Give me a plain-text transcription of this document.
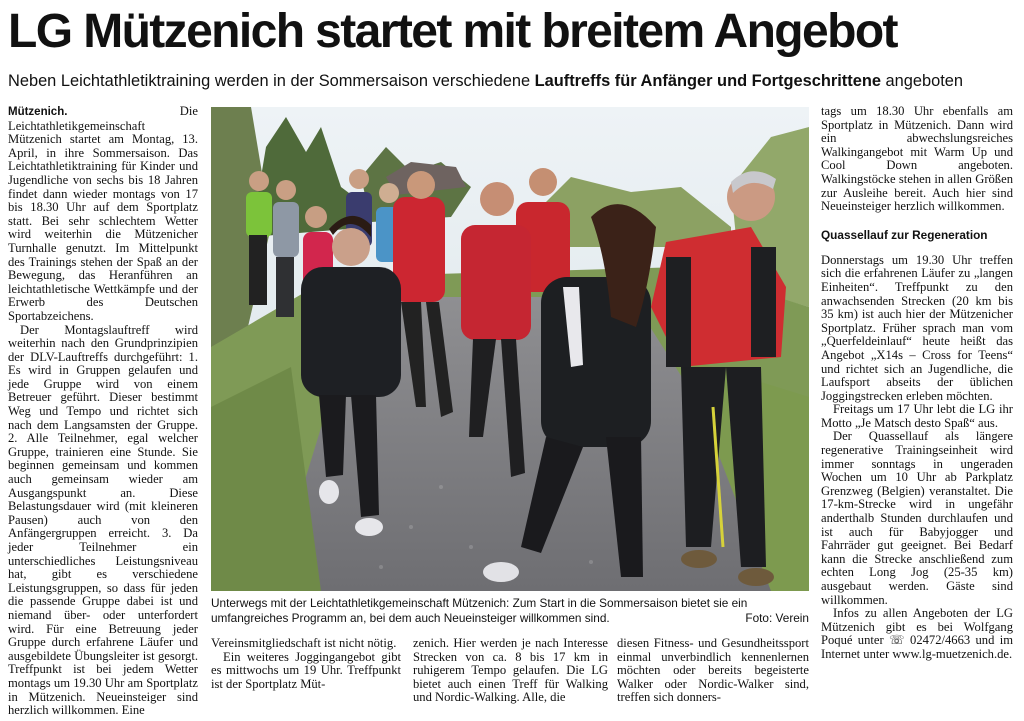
LG Mützenich startet mit breitem Angebot

Neben Leichtathletiktraining werden in der Sommersaison verschiedene Lauftreffs für Anfänger und Fortgeschrittene angeboten

Mützenich. Die Leichtathletikgemeinschaft Mützenich startet am Montag, 13. April, in ihre Sommersaison. Das Leichtathletiktraining für Kinder und Jugendliche von sechs bis 18 Jahren findet dann wieder montags von 17 bis 18.30 Uhr auf dem Sportplatz statt. Bei sehr schlechtem Wetter wird weiterhin die Mützenicher Turnhalle genutzt. Im Mittelpunkt des Trainings stehen der Spaß an der Bewegung, das Heranführen an leichtathletische Wettkämpfe und der Erwerb des Deutschen Sportabzeichens.

Der Montagslauftreff wird weiterhin nach den Grundprinzipien der DLV-Lauftreffs durchgeführt: 1. Es wird in Gruppen gelaufen und jede Gruppe wird von einem Betreuer geführt. Dieser bestimmt Weg und Tempo und richtet sich nach dem Langsamsten der Gruppe. 2. Alle Teilnehmer, egal welcher Gruppe, trainieren eine Stunde. Sie beginnen gemeinsam und kommen auch gemeinsam wieder am Ausgangspunkt an. Diese Belastungsdauer wird (mit kleineren Pausen) auch von den Anfängergruppen erreicht. 3. Da jeder Teilnehmer ein unterschiedliches Leistungsniveau hat, gibt es verschiedene Leistungsgruppen, so dass für jeden die passende Gruppe dabei ist und niemand über- oder unterfordert wird. Für eine Betreuung jeder Gruppe durch erfahrene Läufer und ausgebildete Übungsleiter ist gesorgt. Treffpunkt ist bei jedem Wetter montags um 19.30 Uhr am Sportplatz in Mützenich. Neueinsteiger sind herzlich willkommen. Eine

Unterwegs mit der Leichtathletikgemeinschaft Mützenich: Zum Start in die Sommersaison bietet sie ein umfangreiches Programm an, bei dem auch Neueinsteiger willkommen sind.	Foto: Verein

Vereinsmitgliedschaft ist nicht nötig.

Ein weiteres Joggingangebot gibt es mittwochs um 19 Uhr. Treffpunkt ist der Sportplatz Müt-

zenich. Hier werden je nach Interesse Strecken von ca. 8 bis 17 km in ruhigerem Tempo gelaufen. Die LG bietet auch einen Treff für Walking und Nordic-Walking. Alle, die

diesen Fitness- und Gesundheitssport einmal unverbindlich kennenlernen möchten oder bereits begeisterte Walker oder Nordic-Walker sind, treffen sich donners-

tags um 18.30 Uhr ebenfalls am Sportplatz in Mützenich. Dann wird ein abwechslungsreiches Walkingangebot mit Warm Up und Cool Down angeboten. Walkingstöcke stehen in allen Größen zur Ausleihe bereit. Auch hier sind Neueinsteiger herzlich willkommen.

Quassellauf zur Regeneration

Donnerstags um 19.30 Uhr treffen sich die erfahrenen Läufer zu „langen Einheiten“. Treffpunkt zu den anwachsenden Strecken (20 km bis 35 km) ist auch hier der Mützenicher Sportplatz. Früher sprach man vom „Querfeldeinlauf“ heute heißt das Angebot „X14s – Cross for Teens“ und richtet sich an Jugendliche, die Laufsport abseits der üblichen Joggingstrecken erleben möchten.

Freitags um 17 Uhr lebt die LG ihr Motto „Je Matsch desto Spaß“ aus.

Der Quassellauf als längere regenerative Trainingseinheit wird immer sonntags in ungeraden Wochen um 10 Uhr ab Parkplatz Grenzweg (Belgien) veranstaltet. Die 17-km-Strecke wird in ungefähr anderthalb Stunden durchlaufen und ist auch für Babyjogger und Fahrräder gut geeignet. Bei Bedarf kann die Strecke anschließend zum echten Long Jog (25-35 km) ausgebaut werden. Gäste sind willkommen.

Infos zu allen Angeboten der LG Mützenich gibt es bei Wolfgang Poqué unter ☏ 02472/4663 und im Internet unter www.lg-muetzenich.de.
